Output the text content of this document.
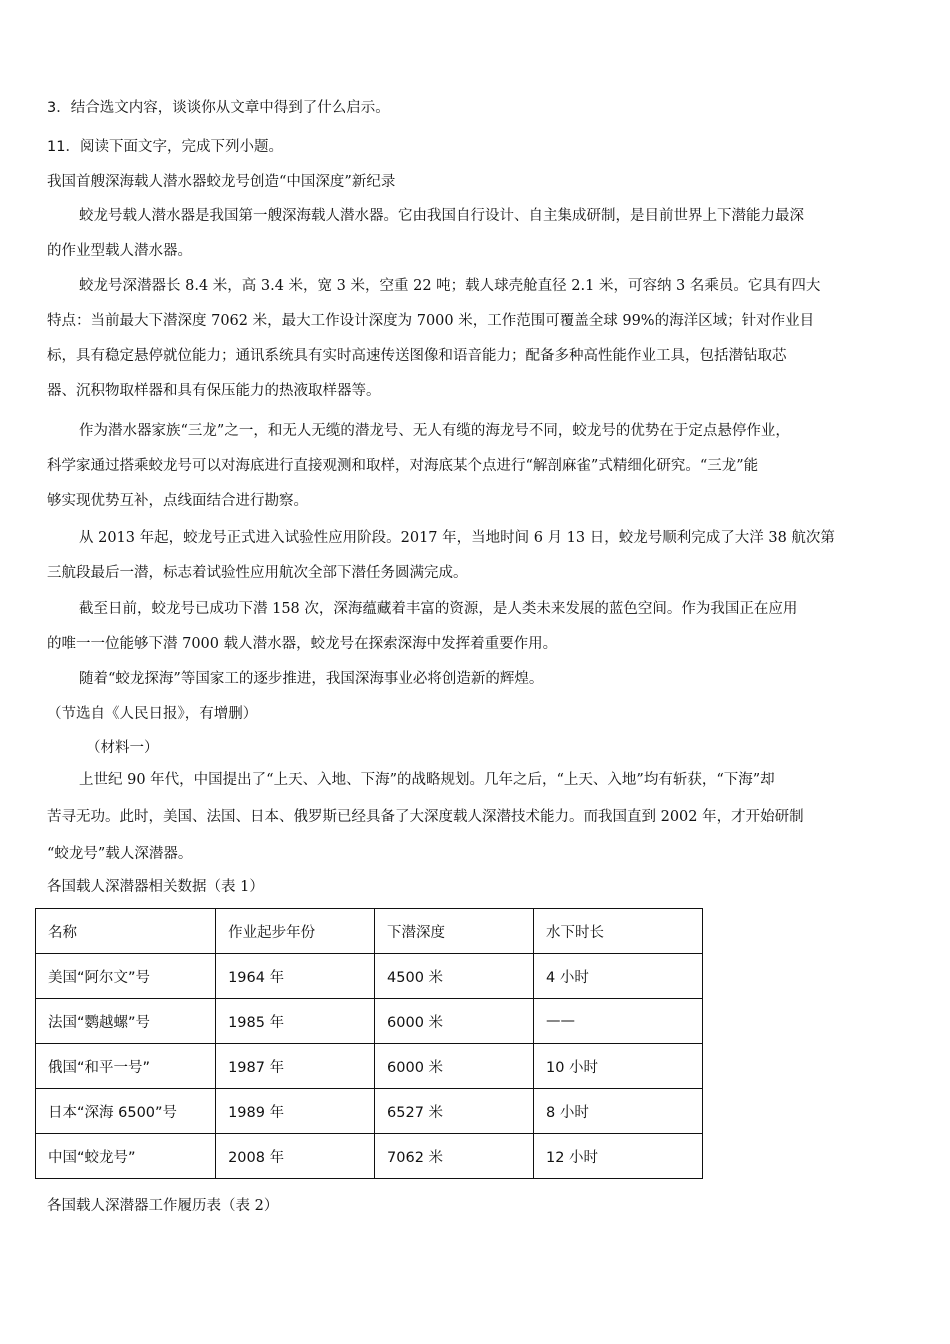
3．结合选文内容，谈谈你从文章中得到了什么启示。
11．阅读下面文字，完成下列小题。
我国首艘深海载人潜水器蛟龙号创造“中国深度”新纪录
蛟龙号载人潜水器是我国第一艘深海载人潜水器。它由我国自行设计、自主集成研制，是目前世界上下潜能力最深
的作业型载人潜水器。
蛟龙号深潜器长 8.4 米，高 3.4 米，宽 3 米，空重 22 吨；载人球壳舱直径 2.1 米，可容纳 3 名乘员。它具有四大
特点：当前最大下潜深度 7062 米，最大工作设计深度为 7000 米，工作范围可覆盖全球 99%的海洋区域；针对作业目
标，具有稳定悬停就位能力；通讯系统具有实时高速传送图像和语音能力；配备多种高性能作业工具，包括潜钻取芯
器、沉积物取样器和具有保压能力的热液取样器等。
作为潜水器家族“三龙”之一，和无人无缆的潜龙号、无人有缆的海龙号不同，蛟龙号的优势在于定点悬停作业，
科学家通过搭乘蛟龙号可以对海底进行直接观测和取样，对海底某个点进行“解剖麻雀”式精细化研究。“三龙”能
够实现优势互补，点线面结合进行勘察。
从 2013 年起，蛟龙号正式进入试验性应用阶段。2017 年，当地时间 6 月 13 日，蛟龙号顺利完成了大洋 38 航次第
三航段最后一潜，标志着试验性应用航次全部下潜任务圆满完成。
截至日前，蛟龙号已成功下潜 158 次，深海蕴藏着丰富的资源，是人类未来发展的蓝色空间。作为我国正在应用
的唯一一位能够下潜 7000 载人潜水器，蛟龙号在探索深海中发挥着重要作用。
随着“蛟龙探海”等国家工的逐步推进，我国深海事业必将创造新的辉煌。
（节选自《人民日报》，有增删）
（材料一）
上世纪 90 年代，中国提出了“上天、入地、下海”的战略规划。几年之后，“上天、入地”均有斩获，“下海”却
苦寻无功。此时，美国、法国、日本、俄罗斯已经具备了大深度载人深潜技术能力。而我国直到 2002 年，才开始研制
“蛟龙号”载人深潜器。
各国载人深潜器相关数据（表 1）
名称	作业起步年份	下潜深度	水下时长
美国“阿尔文”号	1964 年	4500 米	4 小时
法国“鹦越螺”号	1985 年	6000 米	——
俄国“和平一号”	1987 年	6000 米	10 小时
日本“深海 6500”号	1989 年	6527 米	8 小时
中国“蛟龙号”	2008 年	7062 米	12 小时
各国载人深潜器工作履历表（表 2）
